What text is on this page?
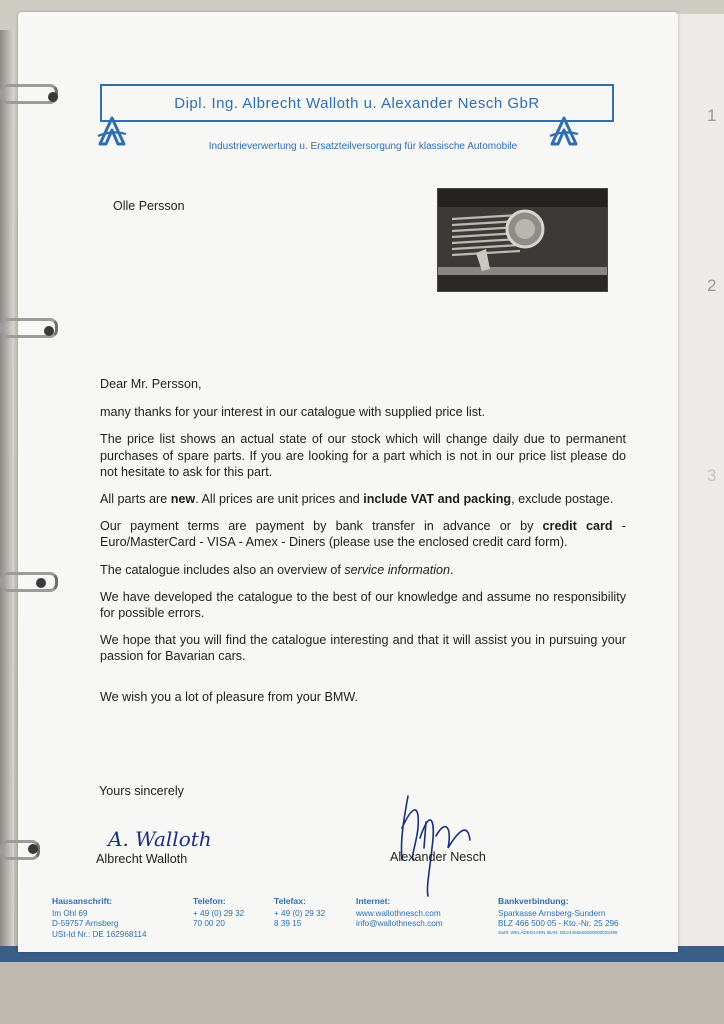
1
2
3
Dipl. Ing. Albrecht Walloth u. Alexander Nesch GbR
Industrieverwertung u. Ersatzteilversorgung für klassische Automobile
Olle Persson

Dear Mr. Persson,

many thanks for your interest in our catalogue with supplied price list.

The price list shows an actual state of our stock which will change daily due to permanent purchases of spare parts. If you are looking for a part which is not in our price list please do not hesitate to ask for this part.

All parts are new. All prices are unit prices and include VAT and packing, exclude postage.

Our payment terms are payment by bank transfer in advance or by credit card - Euro/MasterCard - VISA - Amex - Diners (please use the enclosed credit card form).

The catalogue includes also an overview of service information.

We have developed the catalogue to the best of our knowledge and assume no responsibility for possible errors.

We hope that you will find the catalogue interesting and that it will assist you in pursuing your passion for Bavarian cars.

We wish you a lot of pleasure from your BMW.

Yours sincerely
A. Walloth
Albrecht Walloth	Alexander Nesch
Hausanschrift:
Im Ohl 69
D-59757 Arnsberg
USt-Id Nr.: DE 162968114
Telefon:
+ 49 (0) 29 32
70 00 20
Telefax:
+ 49 (0) 29 32
8 39 15
Internet:
www.wallothnesch.com
info@wallothnesch.com
Bankverbindung:
Sparkasse Arnsberg-Sundern
BLZ 466 500 05 - Kto.-Nr. 25 296
Swift: WELADED1ARN IBAN: DE24466500050000025296
